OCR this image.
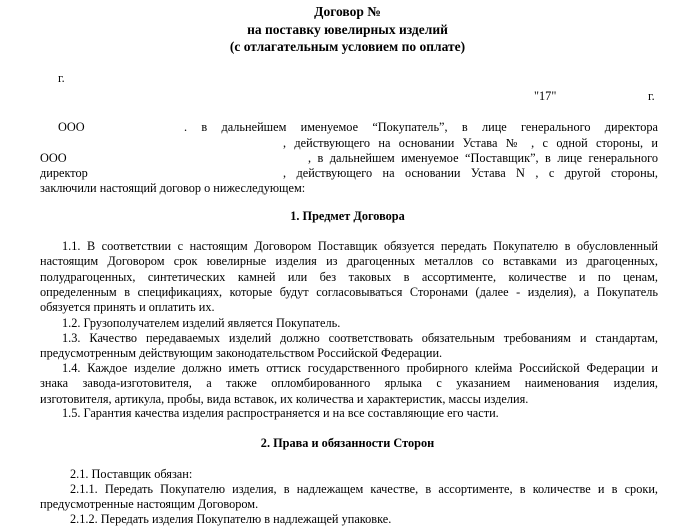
Договор №
на поставку ювелирных изделий
(с отлагательным условием по оплате)
г.
"17"	г.
ООО	. в дальнейшем именуемое “Покупатель”, в лице генерального директора
, действующего на основании Устава № , с одной стороны, и
ООО	, в дальнейшем именуемое “Поставщик”, в лице генерального
директор	, действующего на основании Устава N , с другой стороны,
заключили настоящий договор о нижеследующем:
1. Предмет Договора
1.1. В соответствии с настоящим Договором Поставщик обязуется передать Покупателю в обусловленный
настоящим Договором срок ювелирные изделия из драгоценных металлов со вставками из драгоценных,
полудрагоценных, синтетических камней или без таковых в ассортименте, количестве и по ценам,
определенным в спецификациях, которые будут согласовываться Сторонами (далее - изделия), а Покупатель
обязуется принять и оплатить их.
1.2. Грузополучателем изделий является Покупатель.
1.3. Качество передаваемых изделий должно соответствовать обязательным требованиям и стандартам,
предусмотренным действующим законодательством Российской Федерации.
1.4. Каждое изделие должно иметь оттиск государственного пробирного клейма Российской Федерации и
знака завода-изготовителя, а также опломбированного ярлыка с указанием наименования изделия,
изготовителя, артикула, пробы, вида вставок, их количества и характеристик, массы изделия.
1.5. Гарантия качества изделия распространяется и на все составляющие его части.
2. Права и обязанности Сторон
2.1. Поставщик обязан:
2.1.1. Передать Покупателю изделия, в надлежащем качестве, в ассортименте, в количестве и в сроки,
предусмотренные настоящим Договором.
2.1.2. Передать изделия Покупателю в надлежащей упаковке.
